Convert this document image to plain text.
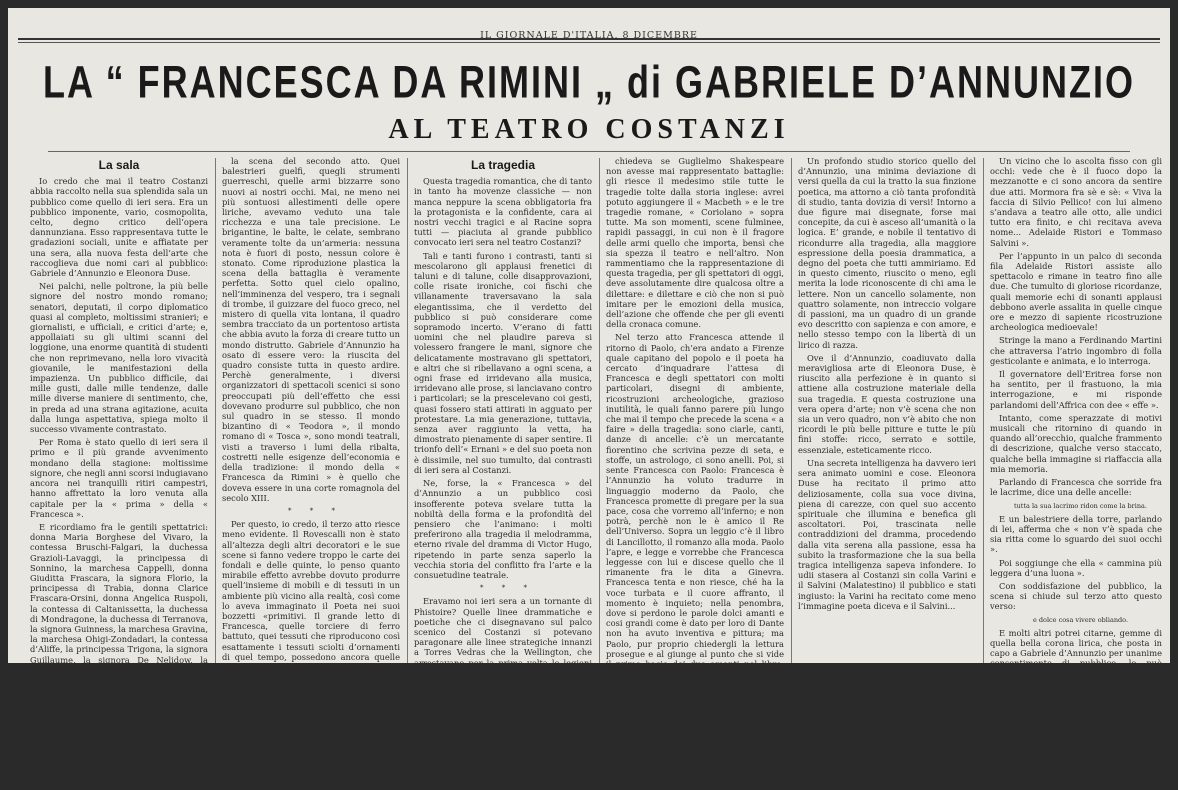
IL GIORNALE D'ITALIA, 8 DICEMBRE
LA “ FRANCESCA DA RIMINI „ di GABRIELE D’ANNUNZIO
AL TEATRO COSTANZI
La sala

Io credo che mai il teatro Costanzi abbia raccolto nella sua splendida sala un pubblico come quello di ieri sera. Era un pubblico imponente, vario, cosmopolita, celto, degno critico dell’opera dannunziana. Esso rappresentava tutte le gradazioni sociali, unite e affiatate per una sera, alla nuova festa dell’arte che raccoglieva due nomi cari al pubblico: Gabriele d’Annunzio e Eleonora Duse.

Nei palchi, nelle poltrone, la più belle signore del nostro mondo romano; senatori, deputati, il corpo diplomatico quasi al completo, moltissimi stranieri; e giornalisti, e ufficiali, e critici d’arte; e, appollaiati su gli ultimi scanni del loggione, una enorme quantità di studenti che non reprimevano, nella loro vivacità giovanile, le manifestazioni della impazienza. Un pubblico difficile, dai mille gusti, dalle mille tendenze, dalle mille diverse maniere di sentimento, che, in preda ad una strana agitazione, acuita dalla lunga aspettativa, spiega molto il successo vivamente contrastato.

Per Roma è stato quello di ieri sera il primo e il più grande avvenimento mondano della stagione: moltissime signore, che negli anni scorsi indugiavano ancora nei tranquilli ritiri campestri, hanno affrettato la loro venuta alla capitale per la « prima » della « Francesca ».

E ricordiamo fra le gentili spettatrici: donna Maria Borghese del Vivaro, la contessa Bruschi-Falgari, la duchessa Grazioli-Lavaggi, la principessa di Sonnino, la marchesa Cappelli, donna Giuditta Frascara, la signora Florio, la principessa di Trabia, donna Clarice Frascara-Orsini, donna Angelica Ruspoli, la contessa di Caltanissetta, la duchessa di Mondragone, la duchessa di Terranova, la signora Guinness, la marchesa Gravina, la marchesa Ohigi-Zondadari, la contessa d’Aliffe, la principessa Trigona, la signora Guillaume, la signora De Nelidow, la marchesa Calabrini, la baronessa Fassetti, lady Currie, la signora Fraccari, la marchesa di Bagno, la contessa Pasolini, la contessa Colleoni, la contessa Suardi-Gianforte, la duchessa di Rignano, la contessa Valtornina, la marchesa de La Fenne, madame Le Ghait, la contessa Franchi, la baronessa De Renzis, la baronessa Levi, la signora Maraini, la contessa Giannotti, la marchesa Spinola, donna Adele...

la scena del secondo atto. Quei balestrieri guelfi, quegli strumenti guerreschi, quelle armi bizzarre sono nuovi ai nostri occhi. Mai, ne meno nei più sontuosi allestimenti delle opere liriche, avevamo veduto una tale ricchezza e una tale precisione. Le brigantine, le balte, le celate, sembrano veramente tolte da un’armeria: nessuna nota è fuori di posto, nessun colore è stonato. Come riproduzione plastica la scena della battaglia è veramente perfetta. Sotto quel cielo opalino, nell’imminenza del vespero, tra i segnali di trombe, il guizzare del fuoco greco, nel mistero di quella vita lontana, il quadro sembra tracciato da un portentoso artista che abbia avuto la forza di creare tutto un mondo distrutto. Gabriele d’Annunzio ha osato di essere vero: la riuscita del quadro consiste tutta in questo ardire. Perchè generalmente, i diversi organizzatori di spettacoli scenici si sono preoccupati più dell’effetto che essi dovevano produrre sul pubblico, che non sul quadro in se stesso. Il mondo bizantino di « Teodora », il mondo romano di « Tosca », sono mondi teatrali, visti a traverso i lumi della ribalta, costretti nelle esigenze dell’economia e della tradizione: il mondo della « Francesca da Rimini » è quello che doveva essere in una corte romagnola del secolo XIII.

* * *

Per questo, io credo, il terzo atto riesce meno evidente. Il Rovescalli non è stato all’altezza degli altri decoratori e le sue scene si fanno vedere troppo le carte dei fondali e delle quinte, lo penso quanto mirabile effetto avrebbe dovuto produrre quell’insieme di mobili e di tessuti in un ambiente più vicino alla realtà, così come lo aveva immaginato il Poeta nei suoi bozzetti «primitivi. Il grande letto di Francesca, quelle torciere di ferro battuto, quei tessuti che riproducono così esattamente i tessuti sciolti d’ornamenti di quel tempo, possedono ancora quelle frammento, quei mobili di legno scolpiti, quelle guistare e quegli specchi cesellati, sono troppo reali nell’ambiente di mani per ipporare in una stanza le cui pareti di pietra, così come un tempo bene, e le cui colonnine di marmo hanno una dubbia prospettiva. Quando quegli musici, così leggiadri nelle loro accordature, appaiono sul balconcino, si vede e si sente troppo che questo è di carta e il dissidio fra la verità e la simulazione, fra l’orpello e l’oro si accentua in modo spiacevole...

La tragedia

Questa tragedia romantica, che di tanto in tanto ha movenze classiche — non manca neppure la scena obbligatoria fra la protagonista e la confidente, cara ai nostri vecchi tragici e al Racine sopra tutti — piaciuta al grande pubblico convocato ieri sera nel teatro Costanzi?

Tali e tanti furono i contrasti, tanti si mescolarono gli applausi frenetici di taluni e di talune, colle disapprovazioni, colle risate ironiche, coi fischi che villanamente traversavano la sala elegantissima, che il verdetto del pubblico si può considerare come sopramodo incerto. V’erano di fatti uomini che nel plaudire pareva si volessero frangere le mani, signore che delicatamente mostravano gli spettatori, e altri che si ribellavano a ogni scena, a ogni frase ed irridevano alla musica, irridevano alle prose, si lanciavano contro i particolari; se la prescelevano coi gesti, quasi fossero stati attirati in agguato per protestare. La mia generazione, tuttavia, senza aver raggiunto la vetta, ha dimostrato pienamente di saper sentire. Il trionfo dell’« Ernani » e del suo poeta non è dissimile, nel suo tumulto, dai contrasti di ieri sera al Costanzi.

Ne, forse, la « Francesca » del d’Annunzio a un pubblico così insofferente poteva svelare tutta la nobiltà della forma e la profondità del pensiero che l’animano: i molti preferirono alla tragedia il melodramma, eterno rivale del dramma di Victor Hugo, ripetendo in parte senza saperlo la vecchia storia del conflitto fra l’arte e la consuetudine teatrale.

* * *

Eravamo noi ieri sera a un tornante di Phistoire? Quelle linee drammatiche e poetiche che ci disegnavano sul palco scenico del Costanzi si potevano paragonare alle linee strategiche innanzi a Torres Vedras che la Wellington, che arrestavano per la prima volta le legioni vittoriose di Francia, capitanate dal Massena, invece che dal Napoleone? Ad ogni modo è dubbio che le tragedie romantiche, come questa di Gabriele d’Annunzio, ribocca la storia...

chiedeva se Guglielmo Shakespeare non avesse mai rappresentato battaglie: gli riesce il medesimo stile tutte le tragedie tolte dalla storia inglese: avrei potuto aggiungere il « Macbeth » e le tre tragedie romane, « Coriolano » sopra tutte. Ma son momenti, scene fulminee, rapidi passaggi, in cui non è il fragore delle armi quello che importa, bensì che sia spezza il teatro e nell’altro. Non rammentiamo che la rappresentazione di questa tragedia, per gli spettatori di oggi, deve assolutamente dire qualcosa oltre a dilettare: e dilettare e ciò che non si può imitare per le emozioni della musica, dell’azione che offende che per gli eventi della cronaca comune.

Nel terzo atto Francesca attende il ritorno di Paolo, ch’era andato a Firenze quale capitano del popolo e il poeta ha cercato d’inquadrare l’attesa di Francesca e degli spettatori con molti particolari, disegni di ambiente, ricostruzioni archeologiche, grazioso inutilità, le quali fanno parere più lungo che mai il tempo che precede la scena « a faire » della tragedia: sono ciarle, canti, danze di ancelle: c’è un mercatante fiorentino che scrivina pezze di seta, e stoffe, un astrologo, ci sono anelli. Poi, si sente Francesca con Paolo: Francesca è l’Annunzio ha voluto tradurre in linguaggio moderno da Paolo, che Francesca promette di pregare per la sua pace, cosa che vorremo all’inferno; e non potrà, perchè non le è amico il Re dell’Universo. Sopra un leggio c’è il libro di Lancillotto, il romanzo alla moda. Paolo l’apre, e legge e vorrebbe che Francesca leggesse con lui e discese quello che il rimanente fra le dita a Ginevra. Francesca tenta e non riesce, ché ha la voce turbata e il cuore affranto, il momento è inquieto; nella penombra, dove si perdono le parole dolci amanti e cosi grandi come è dato per loro di Dante non ha avuto inventiva e pittura; ma Paolo, pur proprio chiedergli la lettura prosegue e al giunge al punto che si vide il primo bacio dei due amanti nel libro, Paolo bacia Francesca...

Un profondo studio storico quello del d’Annunzio, una minima deviazione di versi quella da cui la tratto la sua finzione poetica, ma attorno a ciò tanta profondità di studio, tanta dovizia di versi! Intorno a due figure mai disegnate, forse mai concepite, da cui è asceso all’umanità o la logica. E’ grande, e nobile il tentativo di ricondurre alla tragedia, alla maggiore espressione della poesia drammatica, a degno del poeta che tutti ammiriamo. Ed in questo cimento, riuscito o meno, egli merita la lode riconoscente di chi ama le lettere. Non un cancello solamente, non quattro solamente, non intreccio volgare di passioni, ma un quadro di un grande evo descritto con sapienza e con amore, e nello stesso tempo con la libertà di un lirico di razza.

Ove il d’Annunzio, coadiuvato dalla meravigliosa arte di Eleonora Duse, è riuscito alla perfezione è in quanto si attiene alla costruzione materiale della sua tragedia. E questa costruzione una vera opera d’arte; non v’è scena che non sia un vero quadro, non v’è abito che non ricordi le più belle pitture e tutte le più fini stoffe: ricco, serrato e sottile, essenziale, esteticamente ricco.

Una secreta intelligenza ha davvero ieri sera animato uomini e cose. Eleonora Duse ha recitato il primo atto deliziosamente, colla sua voce divina, piena di carezze, con quel suo accento spirituale che illumina e benefica gli ascoltatori. Poi, trascinata nelle contraddizioni del dramma, procedendo dalla vita serena alla passione, essa ha subito la trasformazione che la sua bella tragica intelligenza sapeva infondere. Io udii stasera al Costanzi sin colla Varini e il Salvini (Malatestino) il pubblico e stati ingiusto: la Varini ha recitato come meno l’immagine poeta diceva e il Salvini...

Un vicino che lo ascolta fisso con gli occhi: vede che è il fuoco dopo la mezzanotte e ci sono ancora da sentire due atti. Mormora fra sè e sè: « Viva la faccia di Silvio Pellico! con lui almeno s’andava a teatro alle otto, alle undici tutto era finito, e chi recitava aveva nome... Adelaide Ristori e Tommaso Salvini ».

Per l’appunto in un palco di seconda fila Adelaide Ristori assiste allo spettacolo e rimane in teatro fino alle due. Che tumulto di gloriose ricordanze, quali memorie echi di sonanti applausi debbono averle assalita in quelle cinque ore e mezzo di sapiente ricostruzione archeologica medioevale!

Stringe la mano a Ferdinando Martini che attraversa l’atrio ingombro di folla gesticolante e animata, e lo interroga.

Il governatore dell’Eritrea forse non ha sentito, per il frastuono, la mia interrogazione, e mi risponde parlandomi dell’Affrica con dee « effe ».

Intanto, come sperazzate di motivi musicali che ritornino di quando in quando all’orecchio, qualche frammento di descrizione, qualche verso staccato, qualche bella immagine si riaffaccia alla mia memoria.

Parlando di Francesca che sorride fra le lacrime, dice una delle ancelle:

tutta la sua lacrimo ridon come la brina.

E un balestriere della torre, parlando di lei, afferma che « non v’è spada che sia ritta come lo sguardo dei suoi occhi ».

Poi soggiunge che ella « cammina più leggera d’una luona ».

Con soddisfazione del pubblico, la scena si chiude sul terzo atto questo verso:

e dolce cosa vivere obliando.

E molti altri potrei citarne, gemme di quella bella corona lirica, che posta in capo a Gabriele d’Annunzio per unanime consentimento di pubblico, lo può compensare ad usura della completa calvizie.

Ma uno vicino le che dopo la mezzanotte, il pubblico si trovava in bipartiti torrenti verso le uscite.

Colgo a frutto un breve dialogo fra due spettatori di Borsa.

« Povera Francesca! io lo diceva che non poteva dire bene. Hai sentito quel hattere ch’ella quando ha gridato: « madonna Francesca è allo sposo? »
